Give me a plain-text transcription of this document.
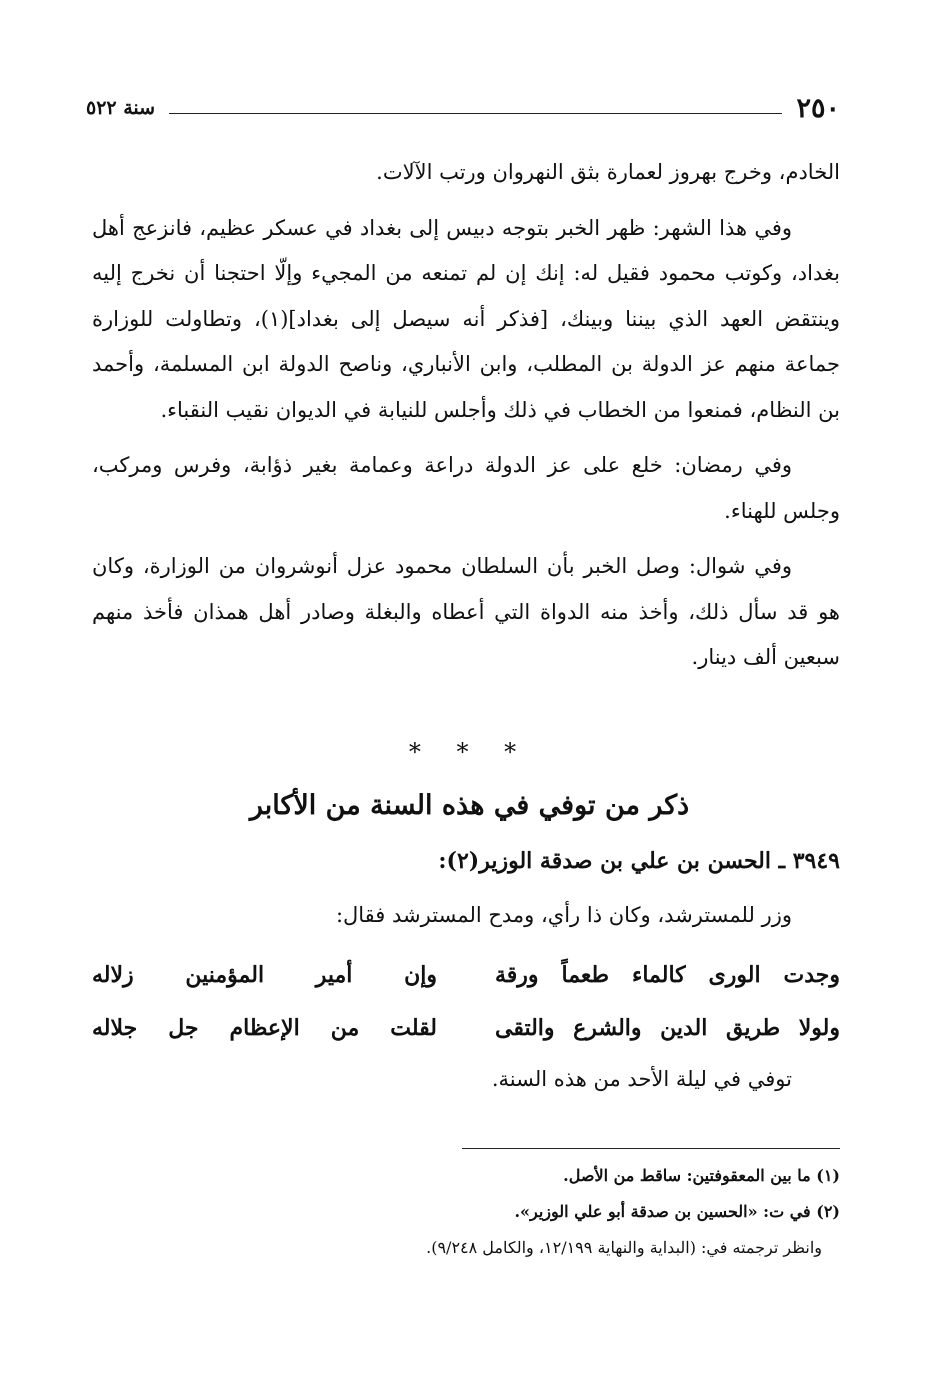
٢٥٠
سنة ٥٢٢

الخادم، وخرج بهروز لعمارة بثق النهروان ورتب الآلات.

وفي هذا الشهر: ظهر الخبر بتوجه دبيس إلى بغداد في عسكر عظيم، فانزعج أهل بغداد، وكوتب محمود فقيل له: إنك إن لم تمنعه من المجيء وإلّا احتجنا أن نخرج إليه وينتقض العهد الذي بيننا وبينك، [فذكر أنه سيصل إلى بغداد](١)، وتطاولت للوزارة جماعة منهم عز الدولة بن المطلب، وابن الأنباري، وناصح الدولة ابن المسلمة، وأحمد بن النظام، فمنعوا من الخطاب في ذلك وأجلس للنيابة في الديوان نقيب النقباء.

وفي رمضان: خلع على عز الدولة دراعة وعمامة بغير ذؤابة، وفرس ومركب، وجلس للهناء.

وفي شوال: وصل الخبر بأن السلطان محمود عزل أنوشروان من الوزارة، وكان هو قد سأل ذلك، وأخذ منه الدواة التي أعطاه والبغلة وصادر أهل همذان فأخذ منهم سبعين ألف دينار.

* * *
ذكر من توفي في هذه السنة من الأكابر
٣٩٤٩ ـ الحسن بن علي بن صدقة الوزير(٢):
وزر للمسترشد، وكان ذا رأي، ومدح المسترشد فقال:
وجدت الورى كالماء طعماً ورقة
وإن أمير المؤمنين زلاله
ولولا طريق الدين والشرع والتقى
لقلت من الإعظام جل جلاله
توفي في ليلة الأحد من هذه السنة.

(١) ما بين المعقوفتين: ساقط من الأصل.

(٢) في ت: «الحسين بن صدقة أبو علي الوزير».

وانظر ترجمته في: (البداية والنهاية ١٢/١٩٩، والكامل ٩/٢٤٨).
